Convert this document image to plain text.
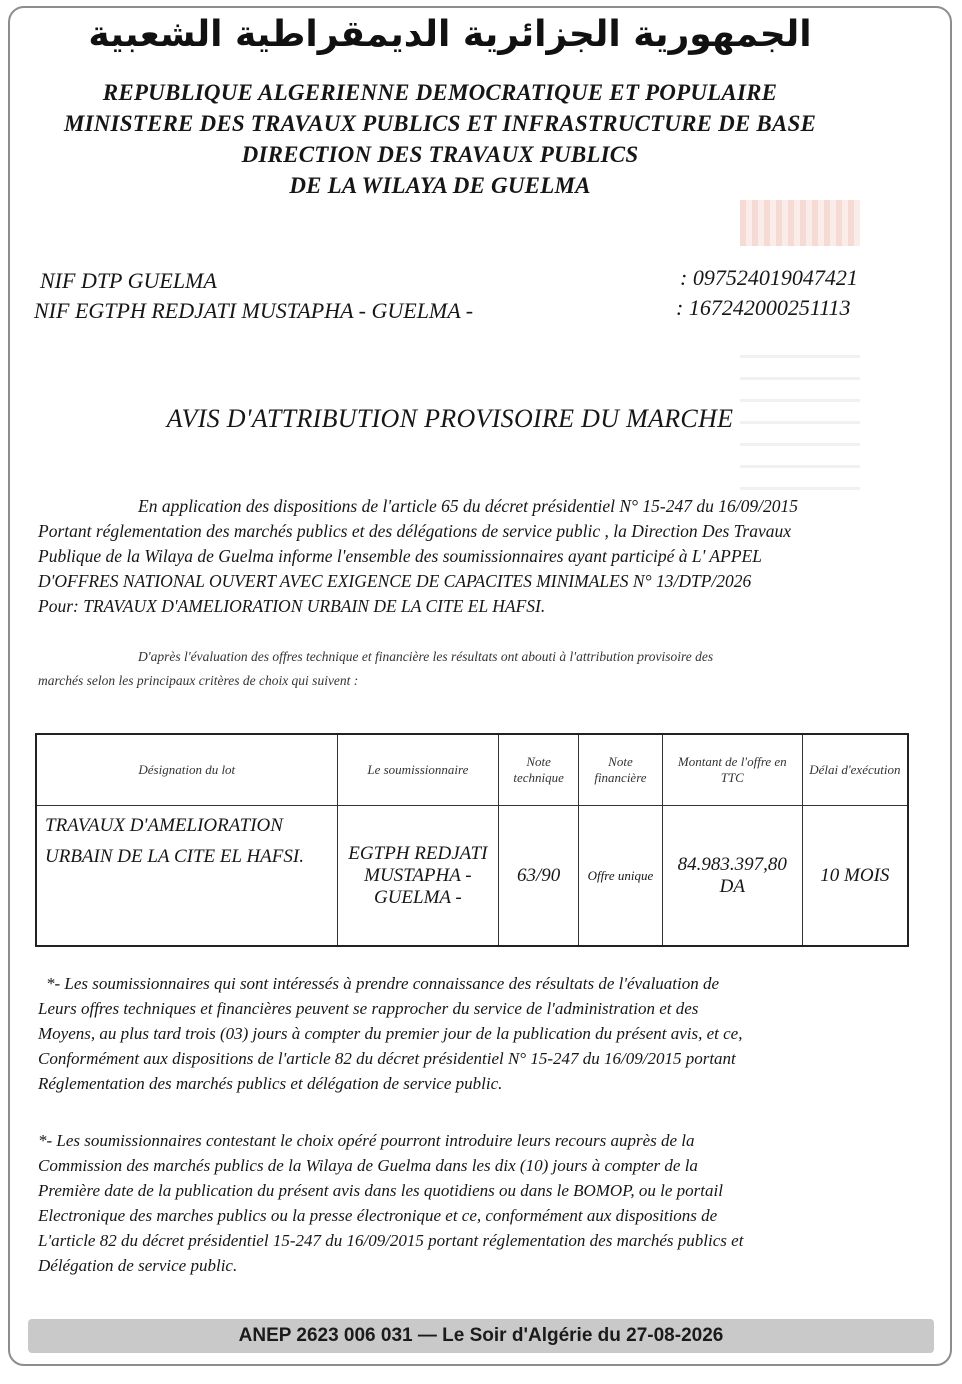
الجمهورية الجزائرية الديمقراطية الشعبية
REPUBLIQUE ALGERIENNE DEMOCRATIQUE ET POPULAIRE
MINISTERE DES TRAVAUX PUBLICS ET INFRASTRUCTURE DE BASE
DIRECTION DES TRAVAUX PUBLICS
DE LA WILAYA DE GUELMA
NIF DTP GUELMA	: 097524019047421
NIF EGTPH REDJATI MUSTAPHA - GUELMA -	: 167242000251113
AVIS D'ATTRIBUTION PROVISOIRE DU MARCHE

En application des dispositions de l'article 65 du décret présidentiel N° 15-247 du 16/09/2015
Portant réglementation des marchés publics et des délégations de service public , la Direction Des Travaux
Publique de la Wilaya de Guelma informe l'ensemble des soumissionnaires ayant participé à L' APPEL
D'OFFRES NATIONAL OUVERT AVEC EXIGENCE DE CAPACITES MINIMALES N° 13/DTP/2026
Pour: TRAVAUX D'AMELIORATION URBAIN DE LA CITE EL HAFSI.

D'après l'évaluation des offres technique et financière les résultats ont abouti à l'attribution provisoire des
marchés selon les principaux critères de choix qui suivent :

Désignation du lot	Le soumissionnaire	Note technique	Note financière	Montant de l'offre en TTC	Délai d'exécution
TRAVAUX D'AMELIORATION URBAIN DE LA CITE EL HAFSI.	EGTPH REDJATI MUSTAPHA - GUELMA -	63/90	Offre unique	84.983.397,80 DA	10 MOIS

*- Les soumissionnaires qui sont intéressés à prendre connaissance des résultats de l'évaluation de
Leurs offres techniques et financières peuvent se rapprocher du service de l'administration et des
Moyens, au plus tard trois (03) jours à compter du premier jour de la publication du présent avis, et ce,
Conformément aux dispositions de l'article 82 du décret présidentiel N° 15-247 du 16/09/2015 portant
Réglementation des marchés publics et délégation de service public.

*- Les soumissionnaires contestant le choix opéré pourront introduire leurs recours auprès de la
Commission des marchés publics de la Wilaya de Guelma dans les dix (10) jours à compter de la
Première date de la publication du présent avis dans les quotidiens ou dans le BOMOP, ou le portail
Electronique des marches publics ou la presse électronique et ce, conformément aux dispositions de
L'article 82 du décret présidentiel 15-247 du 16/09/2015 portant réglementation des marchés publics et
Délégation de service public.

ANEP 2623 006 031 — Le Soir d'Algérie du 27-08-2026
